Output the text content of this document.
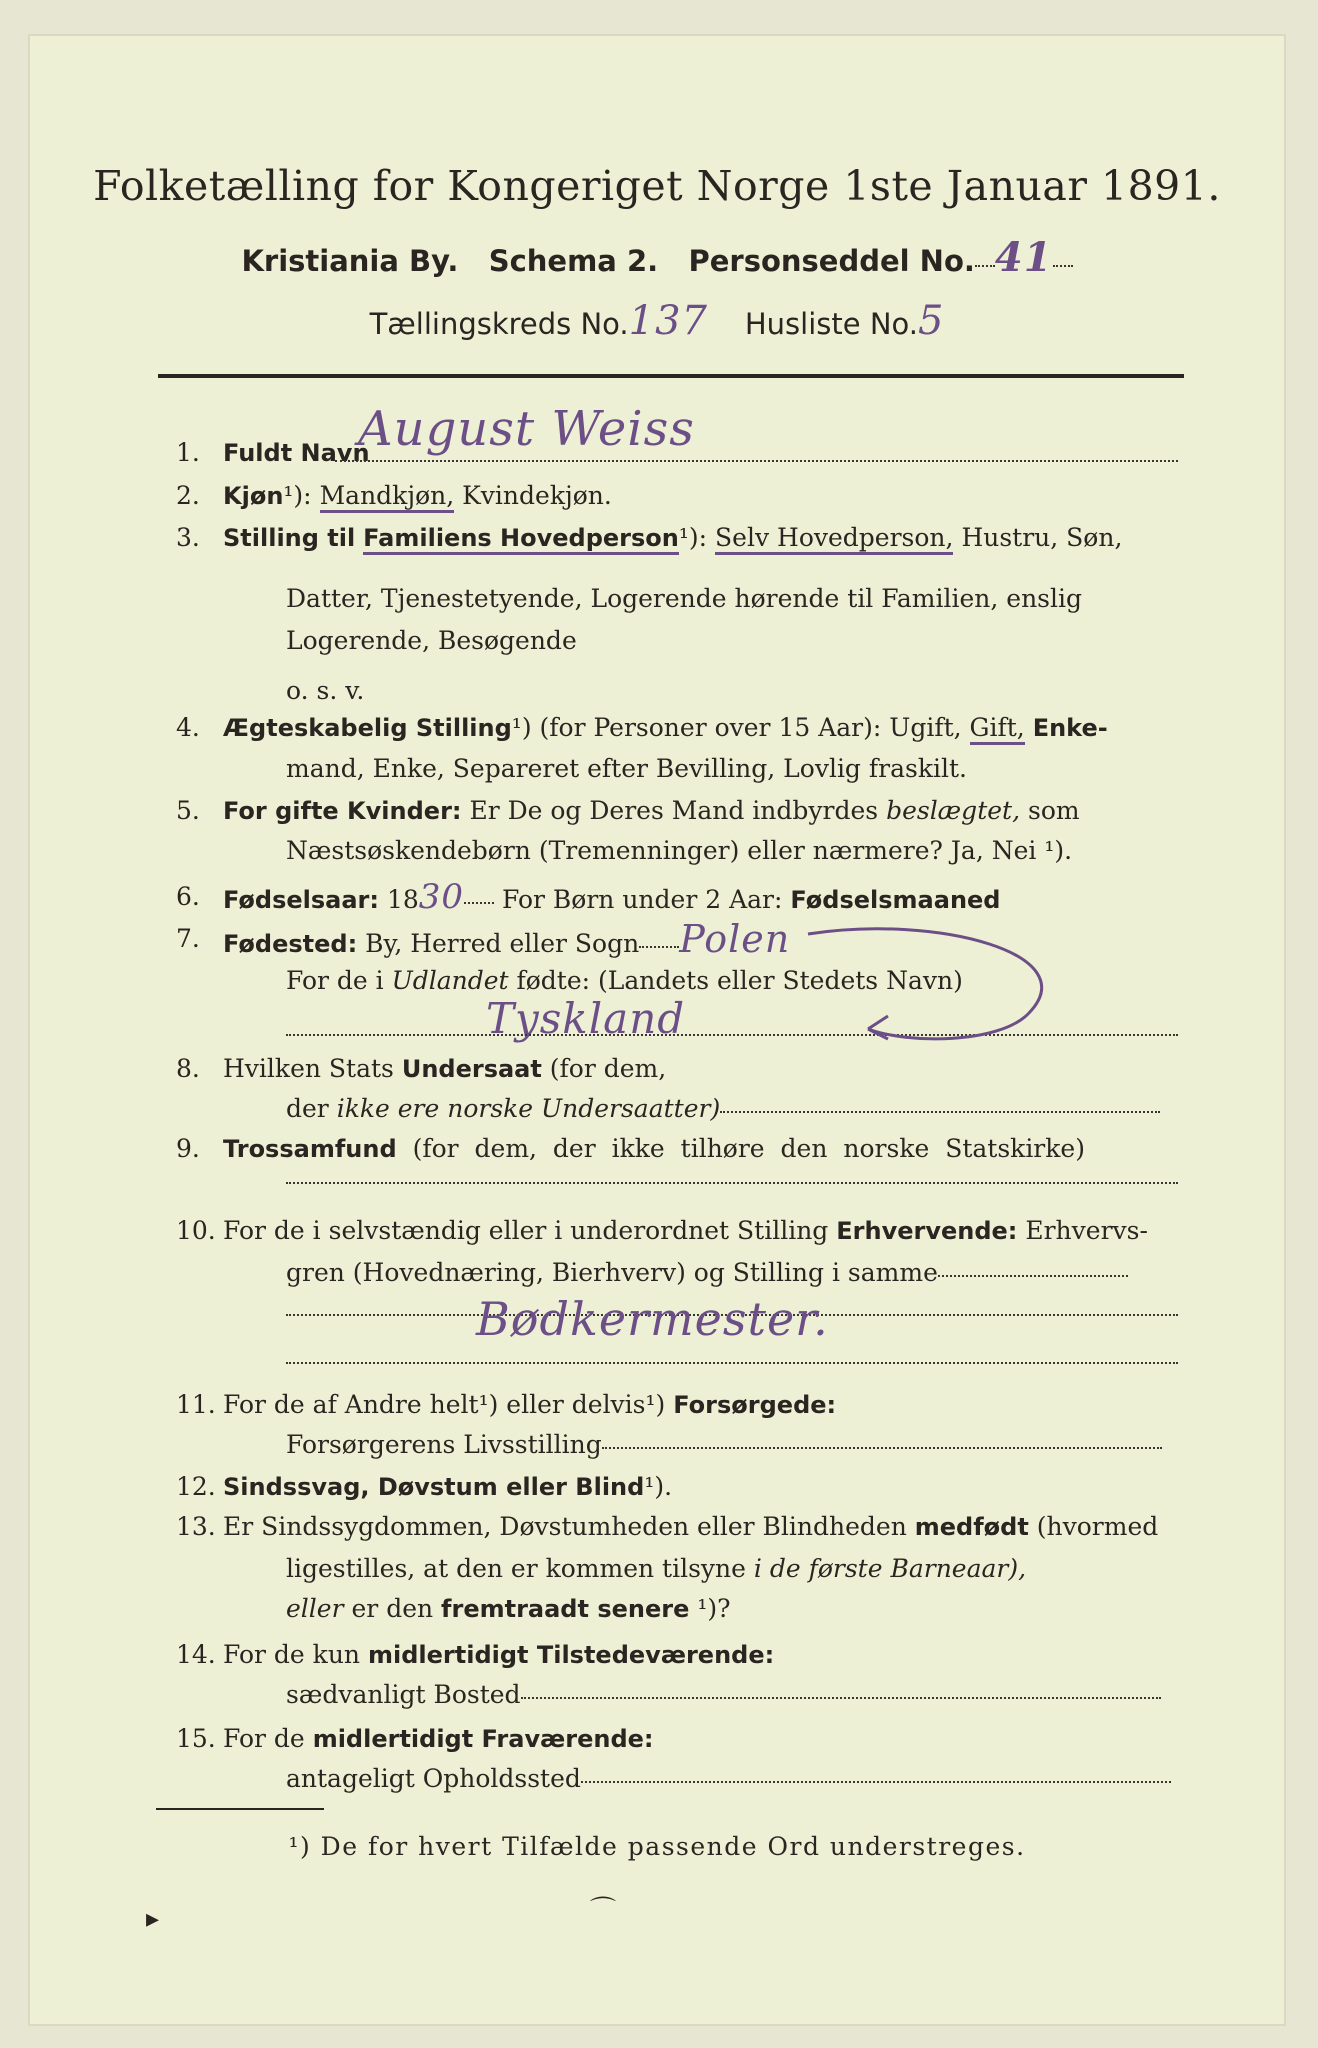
Folketælling for Kongeriget Norge 1ste Januar 1891.
Kristiania By. Schema 2. Personseddel No. 41
Tællingskreds No.137 Husliste No.5
1. Fuldt Navn
August Weiss
2. Kjøn¹): Mandkjøn, Kvindekjøn.
3. Stilling til Familiens Hovedperson¹): Selv Hovedperson, Hustru, Søn,
Datter, Tjenestetyende, Logerende hørende til Familien, enslig
Logerende, Besøgende
o. s. v.
4. Ægteskabelig Stilling¹) (for Personer over 15 Aar): Ugift, Gift, Enke-
mand, Enke, Separeret efter Bevilling, Lovlig fraskilt.
5. For gifte Kvinder: Er De og Deres Mand indbyrdes beslægtet, som
Næstsøskendebørn (Tremenninger) eller nærmere? Ja, Nei ¹).
6. Fødselsaar: 1830 For Børn under 2 Aar: Fødselsmaaned
7. Fødested: By, Herred eller Sogn Polen
For de i Udlandet fødte: (Landets eller Stedets Navn)
Tyskland
8. Hvilken Stats Undersaat (for dem,
der ikke ere norske Undersaatter)
9. Trossamfund (for dem, der ikke tilhøre den norske Statskirke)
10. For de i selvstændig eller i underordnet Stilling Erhvervende: Erhvervs-
gren (Hovednæring, Bierhverv) og Stilling i samme
Bødkermester.
11. For de af Andre helt¹) eller delvis¹) Forsørgede:
Forsørgerens Livsstilling
12. Sindssvag, Døvstum eller Blind¹).
13. Er Sindssygdommen, Døvstumheden eller Blindheden medfødt (hvormed
ligestilles, at den er kommen tilsyne i de første Barneaar),
eller er den fremtraadt senere ¹)?
14. For de kun midlertidigt Tilstedeværende:
sædvanligt Bosted
15. For de midlertidigt Fraværende:
antageligt Opholdssted
¹) De for hvert Tilfælde passende Ord understreges.
▸	⌒
